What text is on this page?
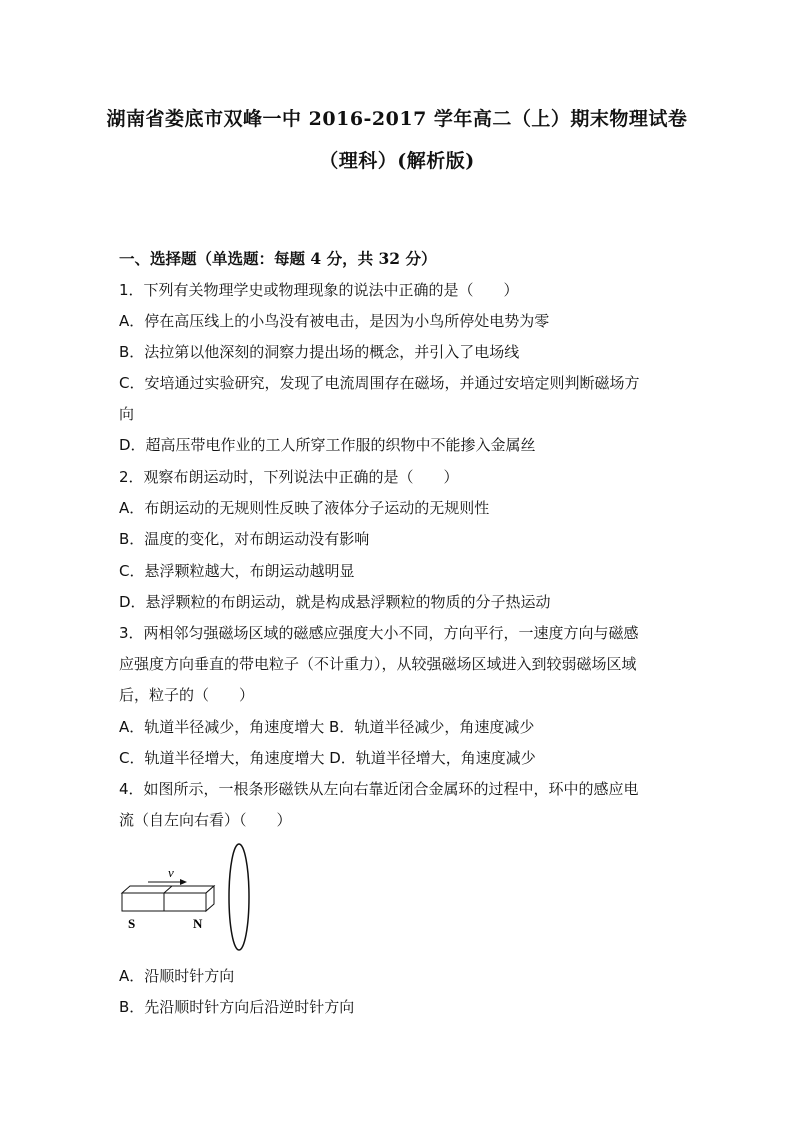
湖南省娄底市双峰一中 2016-2017 学年高二（上）期末物理试卷
（理科）(解析版)
一、选择题（单选题：每题 4 分，共 32 分）
1．下列有关物理学史或物理现象的说法中正确的是（　　）
A．停在高压线上的小鸟没有被电击，是因为小鸟所停处电势为零
B．法拉第以他深刻的洞察力提出场的概念，并引入了电场线
C．安培通过实验研究，发现了电流周围存在磁场，并通过安培定则判断磁场方
向
D．超高压带电作业的工人所穿工作服的织物中不能掺入金属丝
2．观察布朗运动时，下列说法中正确的是（　　）
A．布朗运动的无规则性反映了液体分子运动的无规则性
B．温度的变化，对布朗运动没有影响
C．悬浮颗粒越大，布朗运动越明显
D．悬浮颗粒的布朗运动，就是构成悬浮颗粒的物质的分子热运动
3．两相邻匀强磁场区域的磁感应强度大小不同，方向平行，一速度方向与磁感
应强度方向垂直的带电粒子（不计重力），从较强磁场区域进入到较弱磁场区域
后，粒子的（　　）
A．轨道半径减少，角速度增大 B．轨道半径减少，角速度减少
C．轨道半径增大，角速度增大 D．轨道半径增大，角速度减少
4．如图所示，一根条形磁铁从左向右靠近闭合金属环的过程中，环中的感应电
流（自左向右看）（　　）
v
S	N
A．沿顺时针方向
B．先沿顺时针方向后沿逆时针方向
